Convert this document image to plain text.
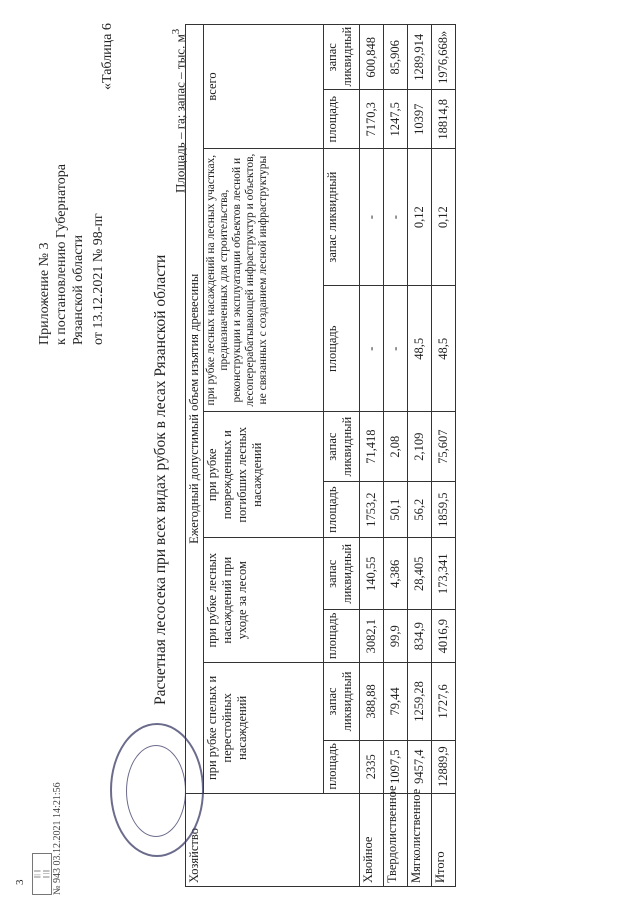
3
Приложение № 3 к постановлению Губернатора Рязанской области от 13.12.2021 № 98-пг
«Таблица 6
Расчетная лесосека при всех видах рубок в лесах Рязанской области
Площадь – га; запас – тыс. $м^3$
Хозяйство	Ежегодный допустимый объем изъятия древесины									
	при рубке спелых и перестойных насаждений		при рубке лесных насаждений при уходе за лесом		при рубке поврежденных и погибших лесных насаждений		при рубке лесных насаждений на лесных участках, предназначенных для строительства, реконструкции и эксплуатации объектов лесной и лесоперерабатывающей инфраструктур и объектов, не связанных с созданием лесной инфраструктуры		всего	
	площадь	запас ликвидный	площадь	запас ликвидный	площадь	запас ликвидный	площадь	запас ликвидный	площадь	запас ликвидный
Хвойное	2335	388,88	3082,1	140,55	1753,2	71,418	-	-	7170,3	600,848
Твердолиственное	1097,5	79,44	99,9	4,386	50,1	2,08	-	-	1247,5	85,906
Мягколиственное	9457,4	1259,28	834,9	28,405	56,2	2,109	48,5	0,12	10397	1289,914
Итого	12889,9	1727,6	4016,9	173,341	1859,5	75,607	48,5	0,12	18814,8	1976,668»
||| ||
|| ||| № 943 03.12.2021 14:21:56
